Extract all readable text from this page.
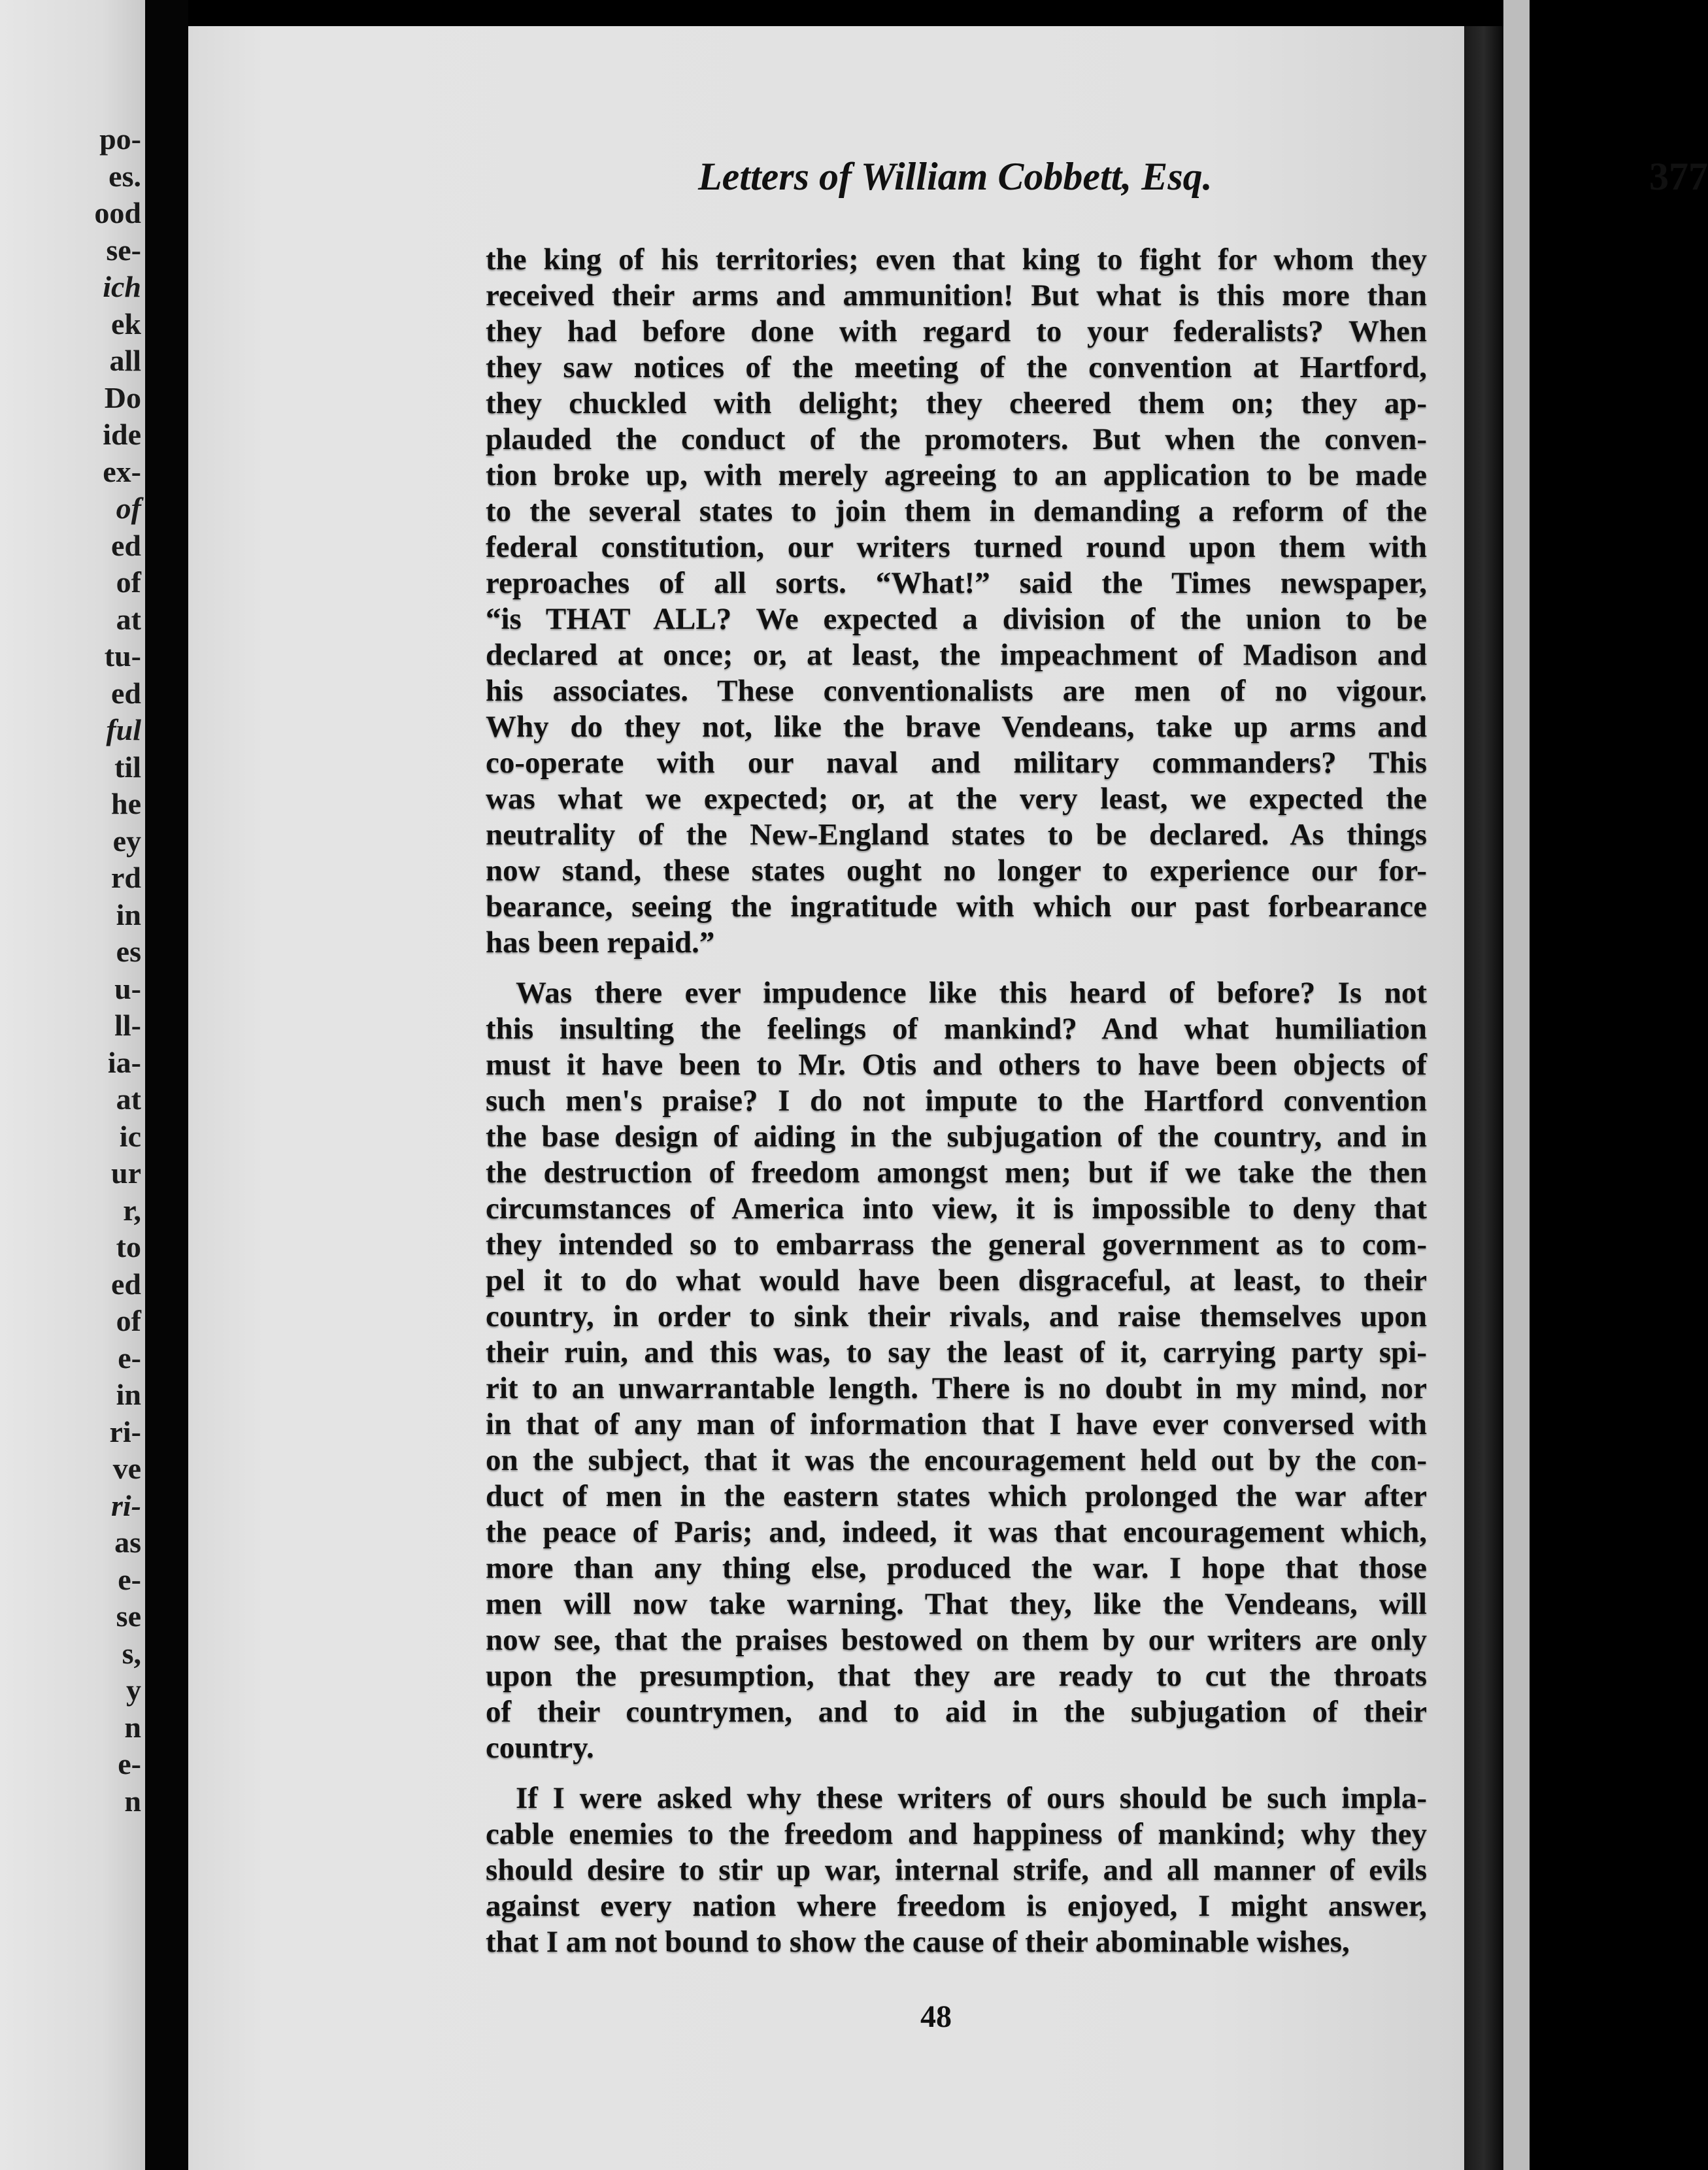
po-
es.
ood
se-
ich
ek
all
Do
ide
ex-
of
ed
of
at
tu-
ed
ful
til
he
ey
rd
in
es
u-
ll-
ia-
at
ic
ur
r,
to
ed
of
e-
in
ri-
ve
ri-
as
e-
se
s,
y
n
e-
n
Letters of William Cobbett, Esq.	377
the king of his territories; even that king to fight for whom they
received their arms and ammunition! But what is this more than
they had before done with regard to your federalists? When
they saw notices of the meeting of the convention at Hartford,
they chuckled with delight; they cheered them on; they ap-
plauded the conduct of the promoters. But when the conven-
tion broke up, with merely agreeing to an application to be made
to the several states to join them in demanding a reform of the
federal constitution, our writers turned round upon them with
reproaches of all sorts. “What!” said the Times newspaper,
“is THAT ALL? We expected a division of the union to be
declared at once; or, at least, the impeachment of Madison and
his associates. These conventionalists are men of no vigour.
Why do they not, like the brave Vendeans, take up arms and
co-operate with our naval and military commanders? This
was what we expected; or, at the very least, we expected the
neutrality of the New-England states to be declared. As things
now stand, these states ought no longer to experience our for-
bearance, seeing the ingratitude with which our past forbearance
has been repaid.”
Was there ever impudence like this heard of before? Is not
this insulting the feelings of mankind? And what humiliation
must it have been to Mr. Otis and others to have been objects of
such men's praise? I do not impute to the Hartford convention
the base design of aiding in the subjugation of the country, and in
the destruction of freedom amongst men; but if we take the then
circumstances of America into view, it is impossible to deny that
they intended so to embarrass the general government as to com-
pel it to do what would have been disgraceful, at least, to their
country, in order to sink their rivals, and raise themselves upon
their ruin, and this was, to say the least of it, carrying party spi-
rit to an unwarrantable length. There is no doubt in my mind, nor
in that of any man of information that I have ever conversed with
on the subject, that it was the encouragement held out by the con-
duct of men in the eastern states which prolonged the war after
the peace of Paris; and, indeed, it was that encouragement which,
more than any thing else, produced the war. I hope that those
men will now take warning. That they, like the Vendeans, will
now see, that the praises bestowed on them by our writers are only
upon the presumption, that they are ready to cut the throats
of their countrymen, and to aid in the subjugation of their
country.
If I were asked why these writers of ours should be such impla-
cable enemies to the freedom and happiness of mankind; why they
should desire to stir up war, internal strife, and all manner of evils
against every nation where freedom is enjoyed, I might answer,
that I am not bound to show the cause of their abominable wishes,
48
